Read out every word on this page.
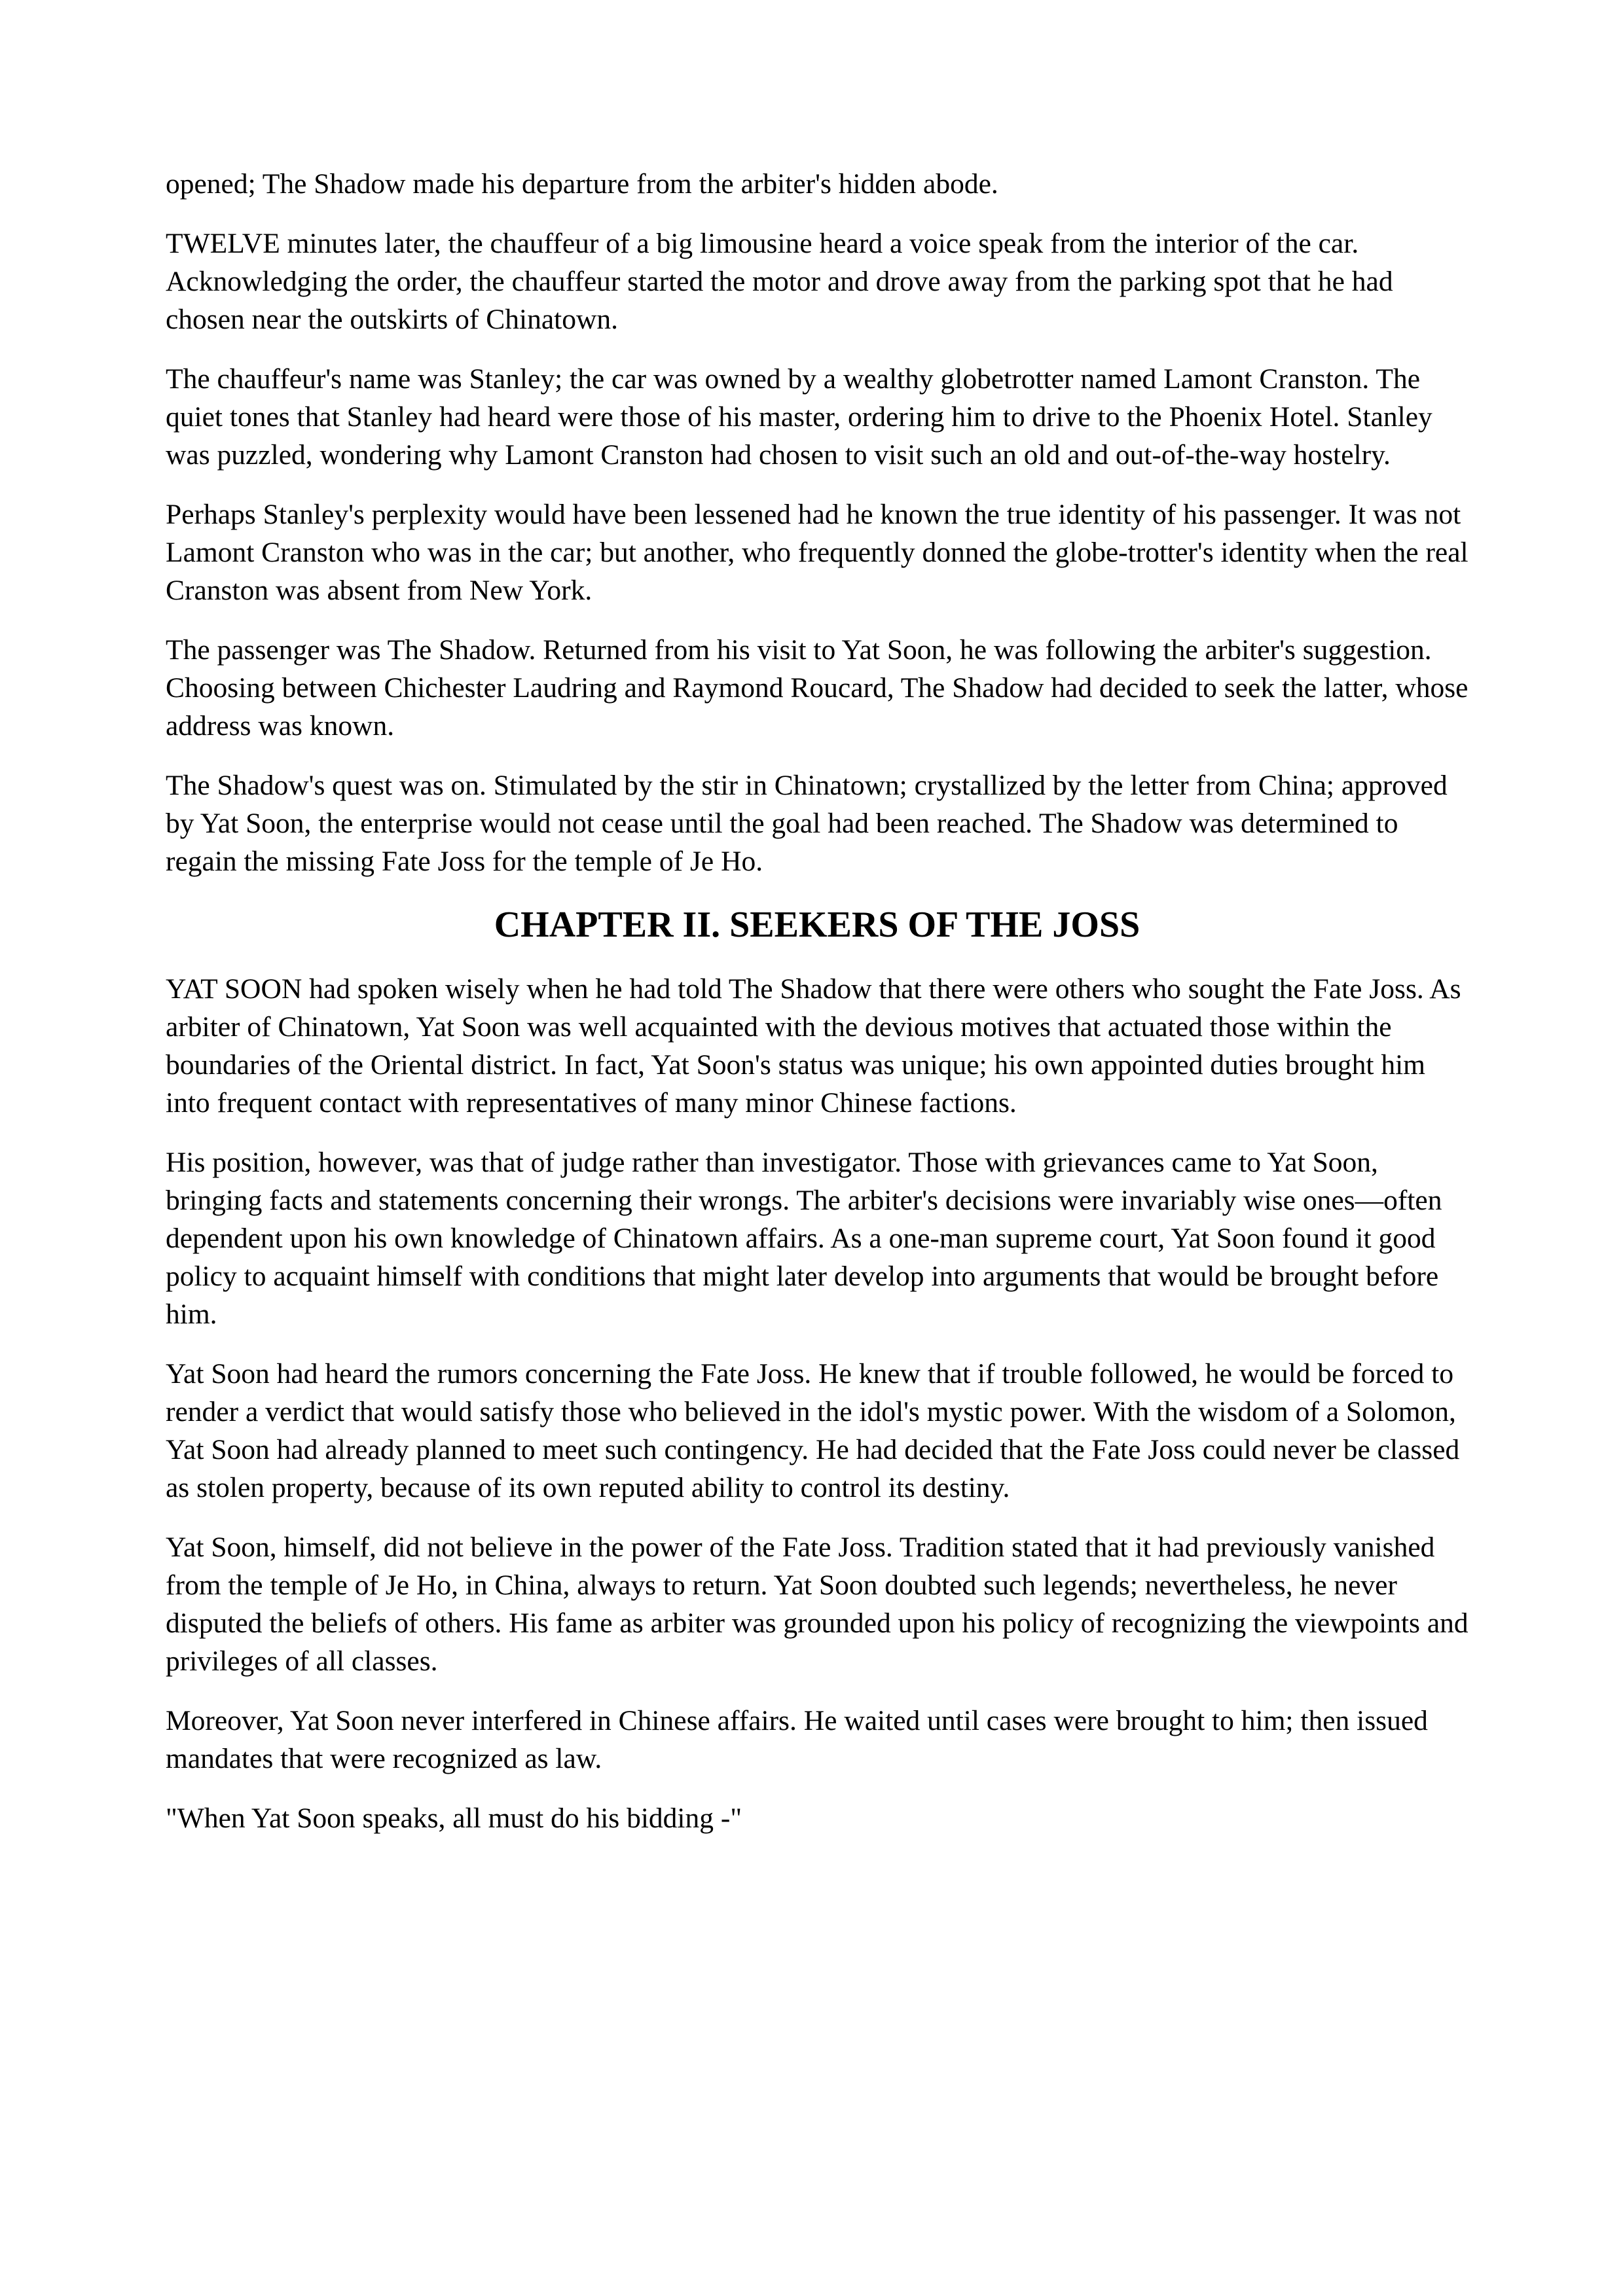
opened; The Shadow made his departure from the arbiter's hidden abode.

TWELVE minutes later, the chauffeur of a big limousine heard a voice speak from the interior of the car. Acknowledging the order, the chauffeur started the motor and drove away from the parking spot that he had chosen near the outskirts of Chinatown.

The chauffeur's name was Stanley; the car was owned by a wealthy globetrotter named Lamont Cranston. The quiet tones that Stanley had heard were those of his master, ordering him to drive to the Phoenix Hotel. Stanley was puzzled, wondering why Lamont Cranston had chosen to visit such an old and out-of-the-way hostelry.

Perhaps Stanley's perplexity would have been lessened had he known the true identity of his passenger. It was not Lamont Cranston who was in the car; but another, who frequently donned the globe-trotter's identity when the real Cranston was absent from New York.

The passenger was The Shadow. Returned from his visit to Yat Soon, he was following the arbiter's suggestion. Choosing between Chichester Laudring and Raymond Roucard, The Shadow had decided to seek the latter, whose address was known.

The Shadow's quest was on. Stimulated by the stir in Chinatown; crystallized by the letter from China; approved by Yat Soon, the enterprise would not cease until the goal had been reached. The Shadow was determined to regain the missing Fate Joss for the temple of Je Ho.

CHAPTER II. SEEKERS OF THE JOSS

YAT SOON had spoken wisely when he had told The Shadow that there were others who sought the Fate Joss. As arbiter of Chinatown, Yat Soon was well acquainted with the devious motives that actuated those within the boundaries of the Oriental district. In fact, Yat Soon's status was unique; his own appointed duties brought him into frequent contact with representatives of many minor Chinese factions.

His position, however, was that of judge rather than investigator. Those with grievances came to Yat Soon, bringing facts and statements concerning their wrongs. The arbiter's decisions were invariably wise ones—often dependent upon his own knowledge of Chinatown affairs. As a one-man supreme court, Yat Soon found it good policy to acquaint himself with conditions that might later develop into arguments that would be brought before him.

Yat Soon had heard the rumors concerning the Fate Joss. He knew that if trouble followed, he would be forced to render a verdict that would satisfy those who believed in the idol's mystic power. With the wisdom of a Solomon, Yat Soon had already planned to meet such contingency. He had decided that the Fate Joss could never be classed as stolen property, because of its own reputed ability to control its destiny.

Yat Soon, himself, did not believe in the power of the Fate Joss. Tradition stated that it had previously vanished from the temple of Je Ho, in China, always to return. Yat Soon doubted such legends; nevertheless, he never disputed the beliefs of others. His fame as arbiter was grounded upon his policy of recognizing the viewpoints and privileges of all classes.

Moreover, Yat Soon never interfered in Chinese affairs. He waited until cases were brought to him; then issued mandates that were recognized as law.

"When Yat Soon speaks, all must do his bidding -"
